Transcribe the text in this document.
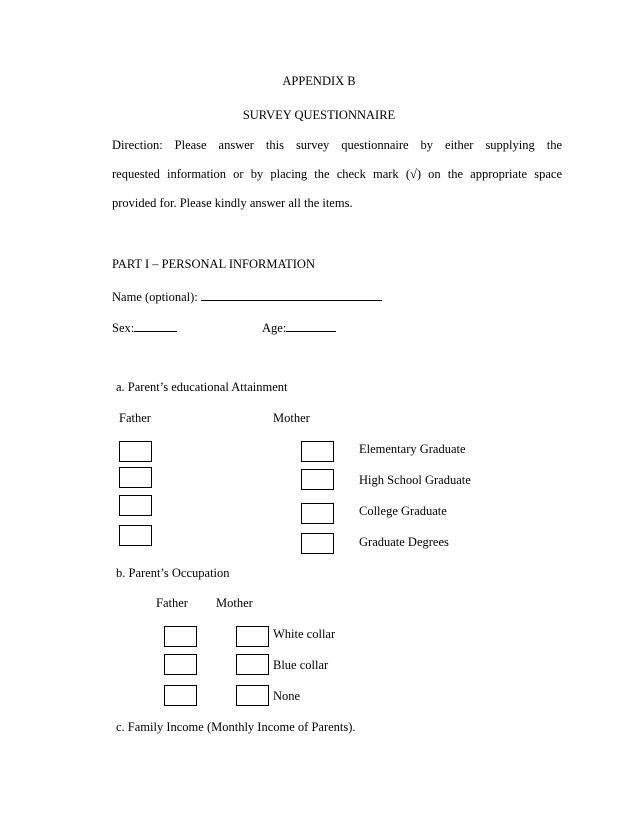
APPENDIX B
SURVEY QUESTIONNAIRE
Direction: Please answer this survey questionnaire by either supplying the
requested information or by placing the check mark (√) on the appropriate space
provided for. Please kindly answer all the items.
PART I – PERSONAL INFORMATION
Name (optional):
Sex:	Age:
a. Parent’s educational Attainment
Father	Mother
Elementary Graduate
High School Graduate
College Graduate
Graduate Degrees
b. Parent’s Occupation
Father Mother
White collar
Blue collar
None
c. Family Income (Monthly Income of Parents).
